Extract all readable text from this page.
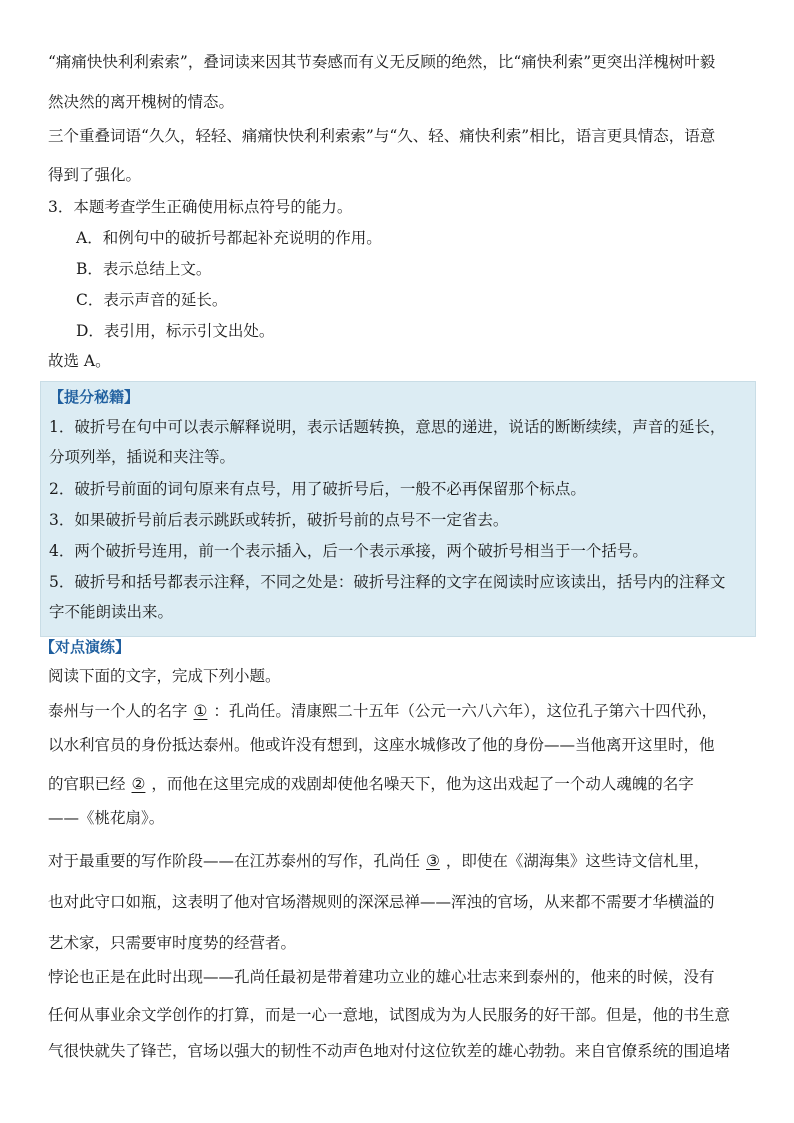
“痛痛快快利利索索”，叠词读来因其节奏感而有义无反顾的绝然，比“痛快利索”更突出洋槐树叶毅
然决然的离开槐树的情态。
三个重叠词语“久久，轻轻、痛痛快快利利索索”与“久、轻、痛快利索”相比，语言更具情态，语意
得到了强化。
3．本题考查学生正确使用标点符号的能力。
A．和例句中的破折号都起补充说明的作用。
B．表示总结上文。
C．表示声音的延长。
D．表引用，标示引文出处。
故选 A。
【提分秘籍】
1．破折号在句中可以表示解释说明，表示话题转换，意思的递进，说话的断断续续，声音的延长，
分项列举，插说和夹注等。
2．破折号前面的词句原来有点号，用了破折号后，一般不必再保留那个标点。
3．如果破折号前后表示跳跃或转折，破折号前的点号不一定省去。
4．两个破折号连用，前一个表示插入，后一个表示承接，两个破折号相当于一个括号。
5．破折号和括号都表示注释，不同之处是：破折号注释的文字在阅读时应该读出，括号内的注释文
字不能朗读出来。
【对点演练】
阅读下面的文字，完成下列小题。
泰州与一个人的名字 ① ：孔尚任。清康熙二十五年（公元一六八六年），这位孔子第六十四代孙，
以水利官员的身份抵达泰州。他或许没有想到，这座水城修改了他的身份——当他离开这里时，他
的官职已经 ② ，而他在这里完成的戏剧却使他名噪天下，他为这出戏起了一个动人魂魄的名字
——《桃花扇》。
对于最重要的写作阶段——在江苏泰州的写作，孔尚任 ③ ，即使在《湖海集》这些诗文信札里，
也对此守口如瓶，这表明了他对官场潜规则的深深忌禅——浑浊的官场，从来都不需要才华横溢的
艺术家，只需要审时度势的经营者。
悖论也正是在此时出现——孔尚任最初是带着建功立业的雄心壮志来到泰州的，他来的时候，没有
任何从事业余文学创作的打算，而是一心一意地，试图成为为人民服务的好干部。但是，他的书生意
气很快就失了锋芒，官场以强大的韧性不动声色地对付这位钦差的雄心勃勃。来自官僚系统的围追堵
